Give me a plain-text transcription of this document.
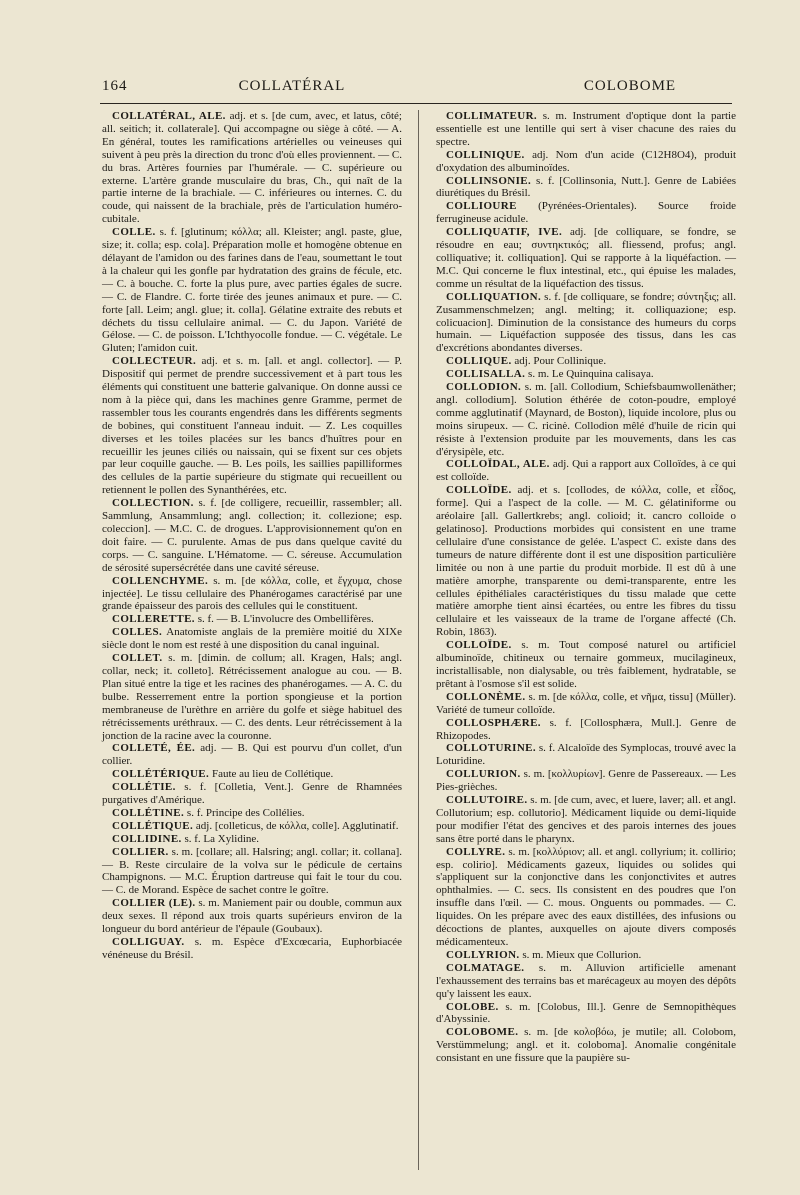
164	COLLATÉRAL	COLOBOME

COLLATÉRAL, ALE. adj. et s. [de cum, avec, et latus, côté; all. seitich; it. collaterale]. Qui accompagne ou siège à côté. — A. En général, toutes les ramifications artérielles ou veineuses qui suivent à peu près la direction du tronc d'où elles proviennent. — C. du bras. Artères fournies par l'humérale. — C. supérieure ou externe. L'artère grande musculaire du bras, Ch., qui naît de la partie interne de la brachiale. — C. inférieures ou internes. C. du coude, qui naissent de la brachiale, près de l'articulation huméro-cubitale.

COLLE. s. f. [glutinum; κόλλα; all. Kleister; angl. paste, glue, size; it. colla; esp. cola]. Préparation molle et homogène obtenue en délayant de l'amidon ou des farines dans de l'eau, soumettant le tout à la chaleur qui les gonfle par hydratation des grains de fécule, etc. — C. à bouche. C. forte la plus pure, avec parties égales de sucre. — C. de Flandre. C. forte tirée des jeunes animaux et pure. — C. forte [all. Leim; angl. glue; it. colla]. Gélatine extraite des rebuts et déchets du tissu cellulaire animal. — C. du Japon. Variété de Gélose. — C. de poisson. L'Ichthyocolle fondue. — C. végétale. Le Gluten; l'amidon cuit.

COLLECTEUR. adj. et s. m. [all. et angl. collector]. — P. Dispositif qui permet de prendre successivement et à part tous les éléments qui constituent une batterie galvanique. On donne aussi ce nom à la pièce qui, dans les machines genre Gramme, permet de rassembler tous les courants engendrés dans les différents segments de bobines, qui constituent l'anneau induit. — Z. Les coquilles diverses et les toiles placées sur les bancs d'huîtres pour en recueillir les jeunes ciliés ou naissain, qui se fixent sur ces objets par leur coquille gauche. — B. Les poils, les saillies papilliformes des cellules de la partie supérieure du stigmate qui recueillent ou retiennent le pollen des Synanthérées, etc.

COLLECTION. s. f. [de colligere, recueillir, rassembler; all. Sammlung, Ansammlung; angl. collection; it. collezione; esp. coleccion]. — M.C. C. de drogues. L'approvisionnement qu'on en doit faire. — C. purulente. Amas de pus dans quelque cavité du corps. — C. sanguine. L'Hématome. — C. séreuse. Accumulation de sérosité supersécrétée dans une cavité séreuse.

COLLENCHYME. s. m. [de κόλλα, colle, et ἔγχυμα, chose injectée]. Le tissu cellulaire des Phanérogames caractérisé par une grande épaisseur des parois des cellules qui le constituent.

COLLERETTE. s. f. — B. L'involucre des Ombellifères.

COLLES. Anatomiste anglais de la première moitié du XIXe siècle dont le nom est resté à une disposition du canal inguinal.

COLLET. s. m. [dimin. de collum; all. Kragen, Hals; angl. collar, neck; it. colleto]. Rétrécissement analogue au cou. — B. Plan situé entre la tige et les racines des phanérogames. — A. C. du bulbe. Resserrement entre la portion spongieuse et la portion membraneuse de l'urèthre en arrière du golfe et siège habituel des rétrécissements uréthraux. — C. des dents. Leur rétrécissement à la jonction de la racine avec la couronne.

COLLETÉ, ÉE. adj. — B. Qui est pourvu d'un collet, d'un collier.

COLLÉTÉRIQUE. Faute au lieu de Collétique.

COLLÉTIE. s. f. [Colletia, Vent.]. Genre de Rhamnées purgatives d'Amérique.

COLLÉTINE. s. f. Principe des Collélies.

COLLÉTIQUE. adj. [colleticus, de κόλλα, colle]. Agglutinatif.

COLLIDINE. s. f. La Xylidine.

COLLIER. s. m. [collare; all. Halsring; angl. collar; it. collana]. — B. Reste circulaire de la volva sur le pédicule de certains Champignons. — M.C. Éruption dartreuse qui fait le tour du cou. — C. de Morand. Espèce de sachet contre le goître.

COLLIER (LE). s. m. Maniement pair ou double, commun aux deux sexes. Il répond aux trois quarts supérieurs environ de la longueur du bord antérieur de l'épaule (Goubaux).

COLLIGUAY. s. m. Espèce d'Excœcaria, Euphorbiacée vénéneuse du Brésil.

COLLIMATEUR. s. m. Instrument d'optique dont la partie essentielle est une lentille qui sert à viser chacune des raies du spectre.

COLLINIQUE. adj. Nom d'un acide (C12H8O4), produit d'oxydation des albuminoïdes.

COLLINSONIE. s. f. [Collinsonia, Nutt.]. Genre de Labiées diurétiques du Brésil.

COLLIOURE (Pyrénées-Orientales). Source froide ferrugineuse acidule.

COLLIQUATIF, IVE. adj. [de colliquare, se fondre, se résoudre en eau; συντηκτικός; all. fliessend, profus; angl. colliquative; it. colliquation]. Qui se rapporte à la liquéfaction. — M.C. Qui concerne le flux intestinal, etc., qui épuise les malades, comme un résultat de la liquéfaction des tissus.

COLLIQUATION. s. f. [de colliquare, se fondre; σύντηξις; all. Zusammenschmelzen; angl. melting; it. colliquazione; esp. colicuacion]. Diminution de la consistance des humeurs du corps humain. — Liquéfaction supposée des tissus, dans les cas d'excrétions abondantes diverses.

COLLIQUE. adj. Pour Collinique.

COLLISALLA. s. m. Le Quinquina calisaya.

COLLODION. s. m. [all. Collodium, Schiefsbaumwollenäther; angl. collodium]. Solution éthérée de coton-poudre, employé comme agglutinatif (Maynard, de Boston), liquide incolore, plus ou moins sirupeux. — C. ricinė. Collodion mêlé d'huile de ricin qui résiste à l'extension produite par les mouvements, dans les cas d'érysipèle, etc.

COLLOÏDAL, ALE. adj. Qui a rapport aux Colloïdes, à ce qui est colloïde.

COLLOÏDE. adj. et s. [collodes, de κόλλα, colle, et εἶδος, forme]. Qui a l'aspect de la colle. — M. C. gélatiniforme ou aréolaire [all. Gallertkrebs; angl. colioid; it. cancro colloide o gelatinoso]. Productions morbides qui consistent en une trame cellulaire d'une consistance de gelée. L'aspect C. existe dans des tumeurs de nature différente dont il est une disposition particulière limitée ou non à une partie du produit morbide. Il est dû à une matière amorphe, transparente ou demi-transparente, entre les cellules épithéliales caractéristiques du tissu malade que cette matière amorphe tient ainsi écartées, ou entre les fibres du tissu cellulaire et les vaisseaux de la trame de l'organe affecté (Ch. Robin, 1863).

COLLOÏDE. s. m. Tout composé naturel ou artificiel albuminoïde, chitineux ou ternaire gommeux, mucilagineux, incristallisable, non dialysable, ou très faiblement, hydratable, se prêtant à l'osmose s'il est solide.

COLLONÈME. s. m. [de κόλλα, colle, et νῆμα, tissu] (Müller). Variété de tumeur colloïde.

COLLOSPHÆRE. s. f. [Collosphæra, Mull.]. Genre de Rhizopodes.

COLLOTURINE. s. f. Alcaloïde des Symplocas, trouvé avec la Loturidine.

COLLURION. s. m. [κολλυρίων]. Genre de Passereaux. — Les Pies-grièches.

COLLUTOIRE. s. m. [de cum, avec, et luere, laver; all. et angl. Collutorium; esp. collutorio]. Médicament liquide ou demi-liquide pour modifier l'état des gencives et des parois internes des joues sans être porté dans le pharynx.

COLLYRE. s. m. [κολλύριον; all. et angl. collyrium; it. collirio; esp. colirio]. Médicaments gazeux, liquides ou solides qui s'appliquent sur la conjonctive dans les conjonctivites et autres ophthalmies. — C. secs. Ils consistent en des poudres que l'on insuffle dans l'œil. — C. mous. Onguents ou pommades. — C. liquides. On les prépare avec des eaux distillées, des infusions ou décoctions de plantes, auxquelles on ajoute divers composés médicamenteux.

COLLYRION. s. m. Mieux que Collurion.

COLMATAGE. s. m. Alluvion artificielle amenant l'exhaussement des terrains bas et marécageux au moyen des dépôts qu'y laissent les eaux.

COLOBE. s. m. [Colobus, Ill.]. Genre de Semnopithèques d'Abyssinie.

COLOBOME. s. m. [de κολοβόω, je mutile; all. Colobom, Verstümmelung; angl. et it. coloboma]. Anomalie congénitale consistant en une fissure que la paupière su-
